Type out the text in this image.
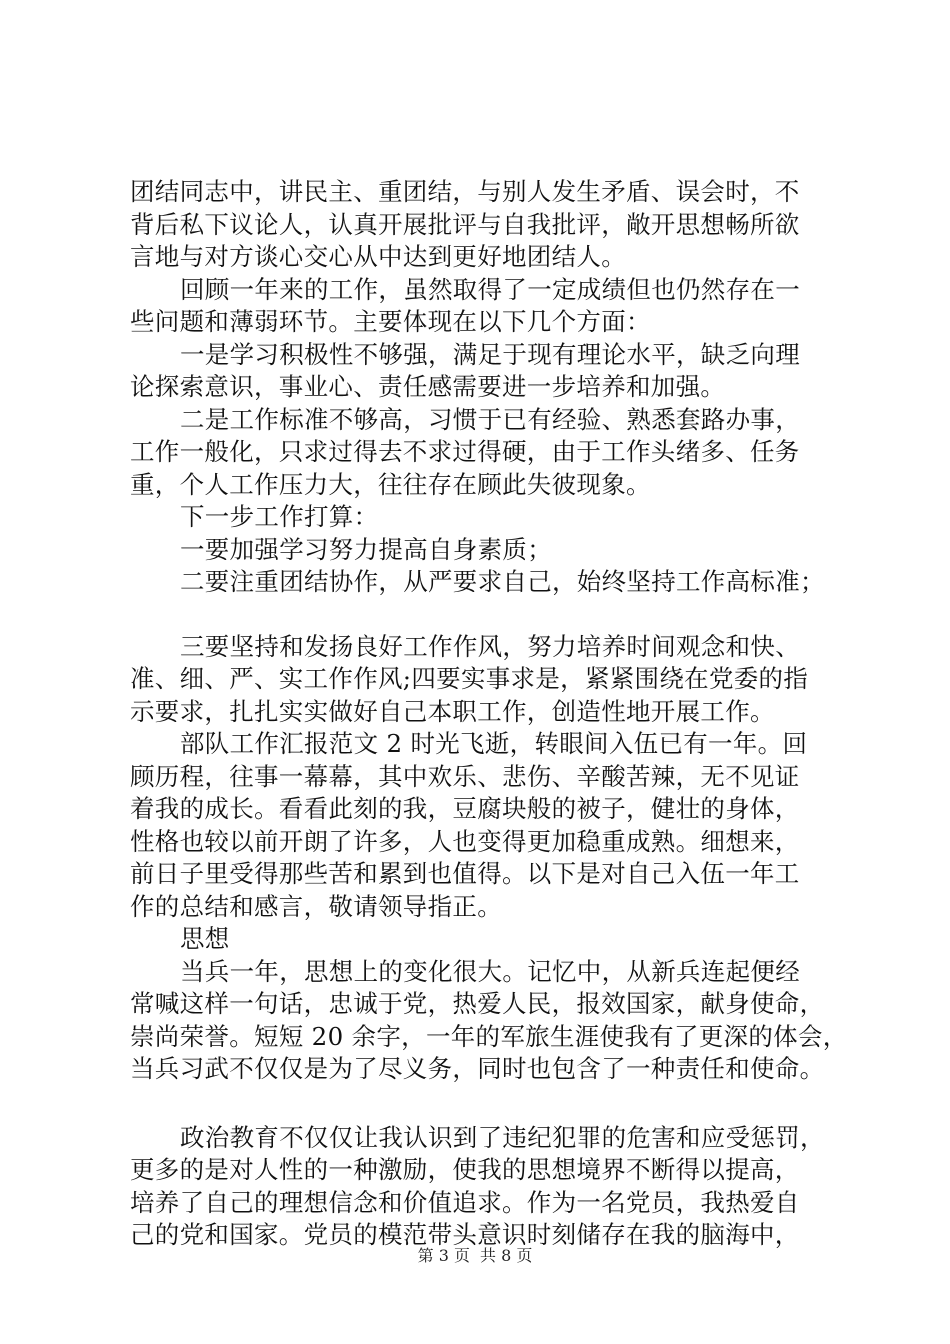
团结同志中，讲民主、重团结，与别人发生矛盾、误会时，不
背后私下议论人，认真开展批评与自我批评，敞开思想畅所欲
言地与对方谈心交心从中达到更好地团结人。
回顾一年来的工作，虽然取得了一定成绩但也仍然存在一
些问题和薄弱环节。主要体现在以下几个方面：
一是学习积极性不够强，满足于现有理论水平，缺乏向理
论探索意识，事业心、责任感需要进一步培养和加强。
二是工作标准不够高，习惯于已有经验、熟悉套路办事，
工作一般化，只求过得去不求过得硬，由于工作头绪多、任务
重，个人工作压力大，往往存在顾此失彼现象。
下一步工作打算：
一要加强学习努力提高自身素质；
二要注重团结协作，从严要求自己，始终坚持工作高标准；
三要坚持和发扬良好工作作风，努力培养时间观念和快、
准、细、严、实工作作风;四要实事求是，紧紧围绕在党委的指
示要求，扎扎实实做好自己本职工作，创造性地开展工作。
部队工作汇报范文 2 时光飞逝，转眼间入伍已有一年。回
顾历程，往事一幕幕，其中欢乐、悲伤、辛酸苦辣，无不见证
着我的成长。看看此刻的我，豆腐块般的被子，健壮的身体，
性格也较以前开朗了许多，人也变得更加稳重成熟。细想来，
前日子里受得那些苦和累到也值得。以下是对自己入伍一年工
作的总结和感言，敬请领导指正。
思想
当兵一年，思想上的变化很大。记忆中，从新兵连起便经
常喊这样一句话，忠诚于党，热爱人民，报效国家，献身使命，
崇尚荣誉。短短 20 余字，一年的军旅生涯使我有了更深的体会，
当兵习武不仅仅是为了尽义务，同时也包含了一种责任和使命。
政治教育不仅仅让我认识到了违纪犯罪的危害和应受惩罚，
更多的是对人性的一种激励，使我的思想境界不断得以提高，
培养了自己的理想信念和价值追求。作为一名党员，我热爱自
己的党和国家。党员的模范带头意识时刻储存在我的脑海中，
第 3 页 共 8 页
